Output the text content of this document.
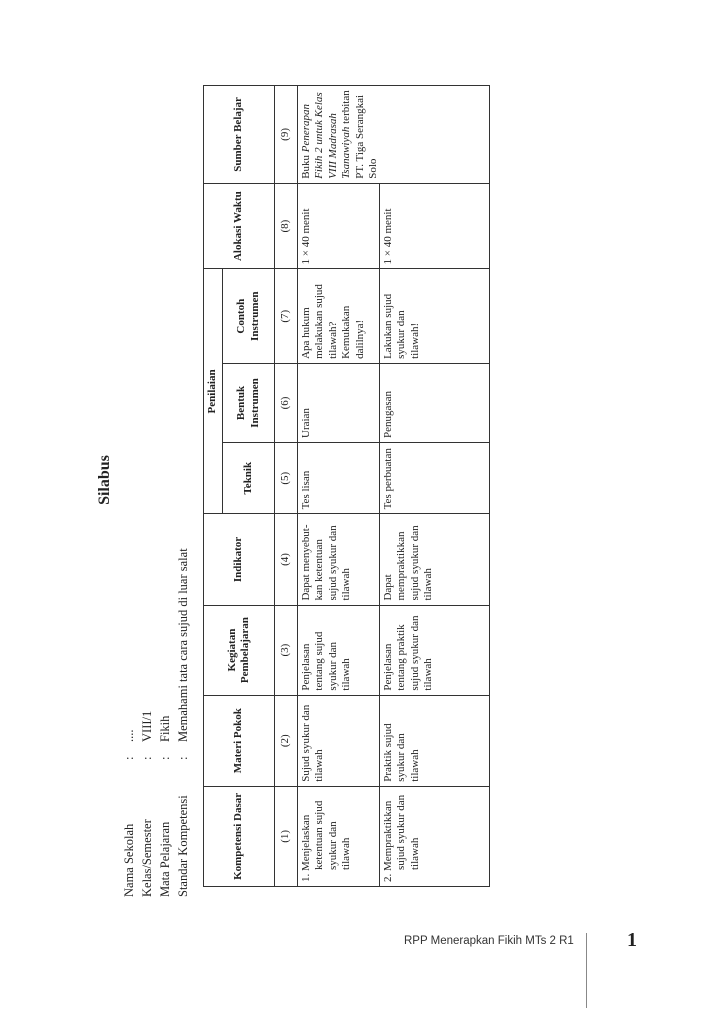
Silabus
Nama Sekolah:....
Kelas/Semester:VIII/1
Mata Pelajaran:Fikih
Standar Kompetensi:Memahami tata cara sujud di luar salat
Kompetensi Dasar	Materi Pokok	Kegiatan Pembelajaran	Indikator	Penilaian			Alokasi Waktu	Sumber Belajar
				Teknik	Bentuk Instrumen	Contoh Instrumen		
(1)	(2)	(3)	(4)	(5)	(6)	(7)	(8)	(9)
1. Menjelaskan ketentuan sujud syukur dan tilawah	Sujud syukur dan tilawah	Penjelasan tentang sujud syukur dan tilawah	Dapat menyebut-kan ketentuan sujud syukur dan tilawah	Tes lisan	Uraian	Apa hukum melakukan sujud tilawah? Kemukakan dalilnya!	1 × 40 menit	Buku Penerapan Fikih 2 untuk Kelas VIII Madrasah Tsanawiyah terbitan PT. Tiga Serangkai Solo
2. Mempraktikkan sujud syukur dan tilawah	Praktik sujud syukur dan tilawah	Penjelasan tentang praktik sujud syukur dan tilawah	Dapat mempraktikkan sujud syukur dan tilawah	Tes perbuatan	Penugasan	Lakukan sujud syukur dan tilawah!	1 × 40 menit	
RPP Menerapkan Fikih MTs 2 R1	1
